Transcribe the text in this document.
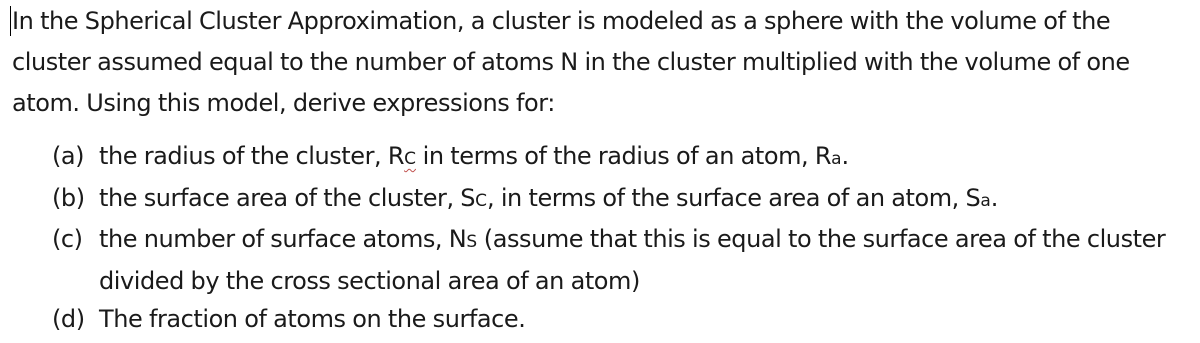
In the Spherical Cluster Approximation, a cluster is modeled as a sphere with the volume of the cluster assumed equal to the number of atoms N in the cluster multiplied with the volume of one atom. Using this model, derive expressions for:
(a) the radius of the cluster, RC in terms of the radius of an atom, Ra.
(b) the surface area of the cluster, SC, in terms of the surface area of an atom, Sa.
(c) the number of surface atoms, NS (assume that this is equal to the surface area of the cluster divided by the cross sectional area of an atom)
(d) The fraction of atoms on the surface.
